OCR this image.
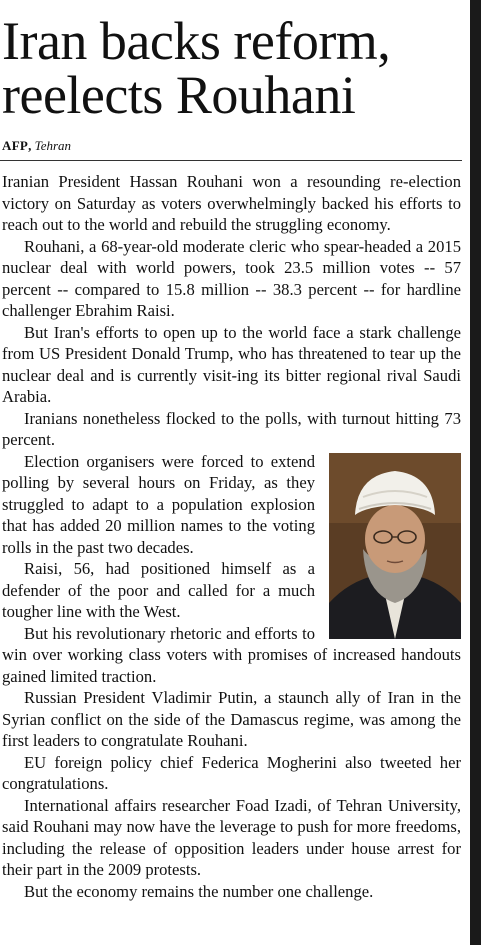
Iran backs reform,
reelects Rouhani
AFP, Tehran

Iranian President Hassan Rouhani won a resounding re-election victory on Saturday as voters overwhelmingly backed his efforts to reach out to the world and rebuild the struggling economy.

Rouhani, a 68-year-old moderate cleric who spear-headed a 2015 nuclear deal with world powers, took 23.5 million votes -- 57 percent -- compared to 15.8 million -- 38.3 percent -- for hardline challenger Ebrahim Raisi.

But Iran's efforts to open up to the world face a stark challenge from US President Donald Trump, who has threatened to tear up the nuclear deal and is currently visit-ing its bitter regional rival Saudi Arabia.

Iranians nonetheless flocked to the polls, with turnout hitting 73 percent.

Election organisers were forced to extend polling by several hours on Friday, as they struggled to adapt to a population explosion that has added 20 million names to the voting rolls in the past two decades.

Raisi, 56, had positioned himself as a defender of the poor and called for a much tougher line with the West.

But his revolutionary rhetoric and efforts to win over working class voters with promises of increased handouts gained limited traction.

Russian President Vladimir Putin, a staunch ally of Iran in the Syrian conflict on the side of the Damascus regime, was among the first leaders to congratulate Rouhani.

EU foreign policy chief Federica Mogherini also tweeted her congratulations.

International affairs researcher Foad Izadi, of Tehran University, said Rouhani may now have the leverage to push for more freedoms, including the release of opposition leaders under house arrest for their part in the 2009 protests.

But the economy remains the number one challenge.
